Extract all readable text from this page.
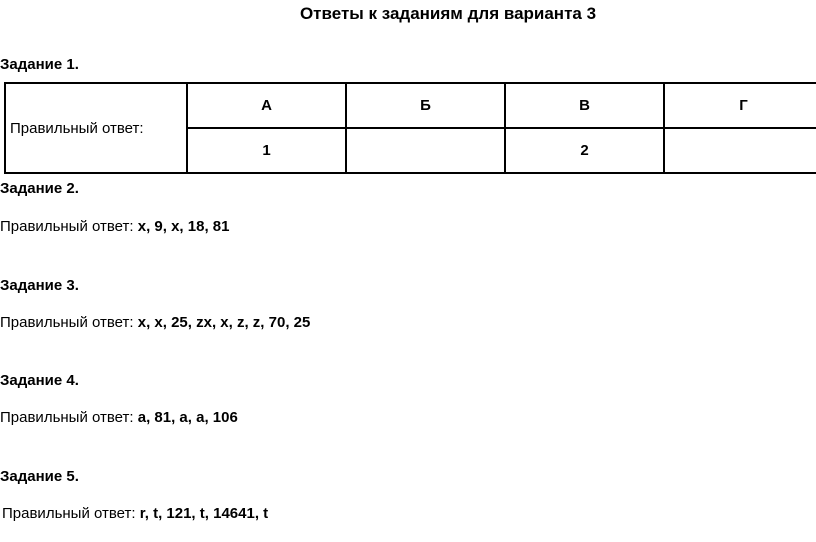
Ответы к заданиям для варианта 3
Задание 1.
Правильный ответ:	А	Б	В	Г
	1		2	
Задание 2.
Правильный ответ: x, 9, x, 18, 81
Задание 3.
Правильный ответ: x, x, 25, zx, x, z, z, 70, 25
Задание 4.
Правильный ответ: a, 81, a, a, 106
Задание 5.
Правильный ответ: r, t, 121, t, 14641, t
